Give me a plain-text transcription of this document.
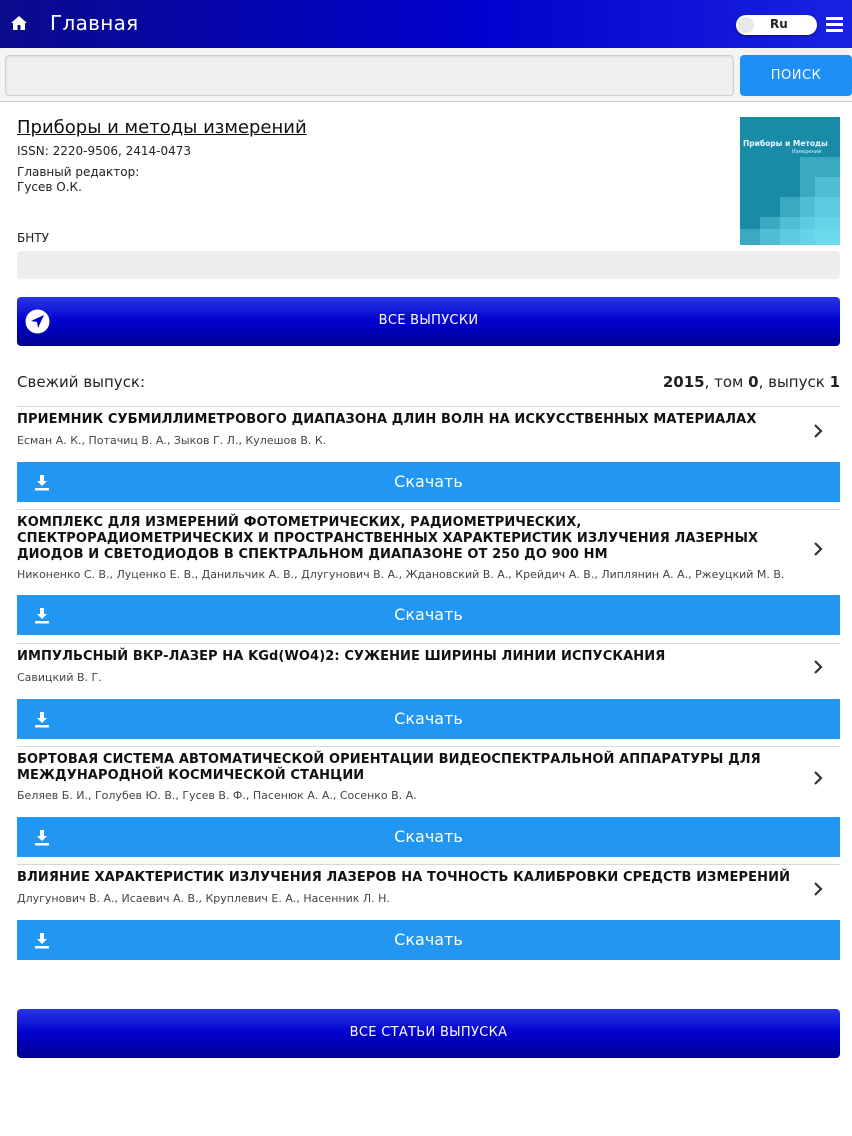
Главная	Ru
ПОИСК
Приборы и методы измерений
ISSN: 2220-9506, 2414-0473
Главный редактор:
Гусев О.К.
БНТУ
Приборы и Методы
Измерений
ВСЕ ВЫПУСКИ
Свежий выпуск:	2015, том 0, выпуск 1
ПРИЕМНИК СУБМИЛЛИМЕТРОВОГО ДИАПАЗОНА ДЛИН ВОЛН НА ИСКУССТВЕННЫХ МАТЕРИАЛАХ
Есман А. К., Потачиц В. А., Зыков Г. Л., Кулешов В. К.
Скачать
КОМПЛЕКС ДЛЯ ИЗМЕРЕНИЙ ФОТОМЕТРИЧЕСКИХ, РАДИОМЕТРИЧЕСКИХ, СПЕКТРОРАДИОМЕТРИЧЕСКИХ И ПРОСТРАНСТВЕННЫХ ХАРАКТЕРИСТИК ИЗЛУЧЕНИЯ ЛАЗЕРНЫХ ДИОДОВ И СВЕТОДИОДОВ В СПЕКТРАЛЬНОМ ДИАПАЗОНЕ ОТ 250 ДО 900 НМ
Никоненко С. В., Луценко Е. В., Данильчик А. В., Длугунович В. А., Ждановский В. А., Крейдич А. В., Липлянин А. А., Ржеуцкий М. В.
Скачать
ИМПУЛЬСНЫЙ ВКР-ЛАЗЕР НА KGd(WO4)2: СУЖЕНИЕ ШИРИНЫ ЛИНИИ ИСПУСКАНИЯ
Савицкий В. Г.
Скачать
БОРТОВАЯ СИСТЕМА АВТОМАТИЧЕСКОЙ ОРИЕНТАЦИИ ВИДЕОСПЕКТРАЛЬНОЙ АППАРАТУРЫ ДЛЯ МЕЖДУНАРОДНОЙ КОСМИЧЕСКОЙ СТАНЦИИ
Беляев Б. И., Голубев Ю. В., Гусев В. Ф., Пасенюк А. А., Сосенко В. А.
Скачать
ВЛИЯНИЕ ХАРАКТЕРИСТИК ИЗЛУЧЕНИЯ ЛАЗЕРОВ НА ТОЧНОСТЬ КАЛИБРОВКИ СРЕДСТВ ИЗМЕРЕНИЙ
Длугунович В. А., Исаевич А. В., Круплевич Е. А., Насенник Л. Н.
Скачать
ВСЕ СТАТЬИ ВЫПУСКА
